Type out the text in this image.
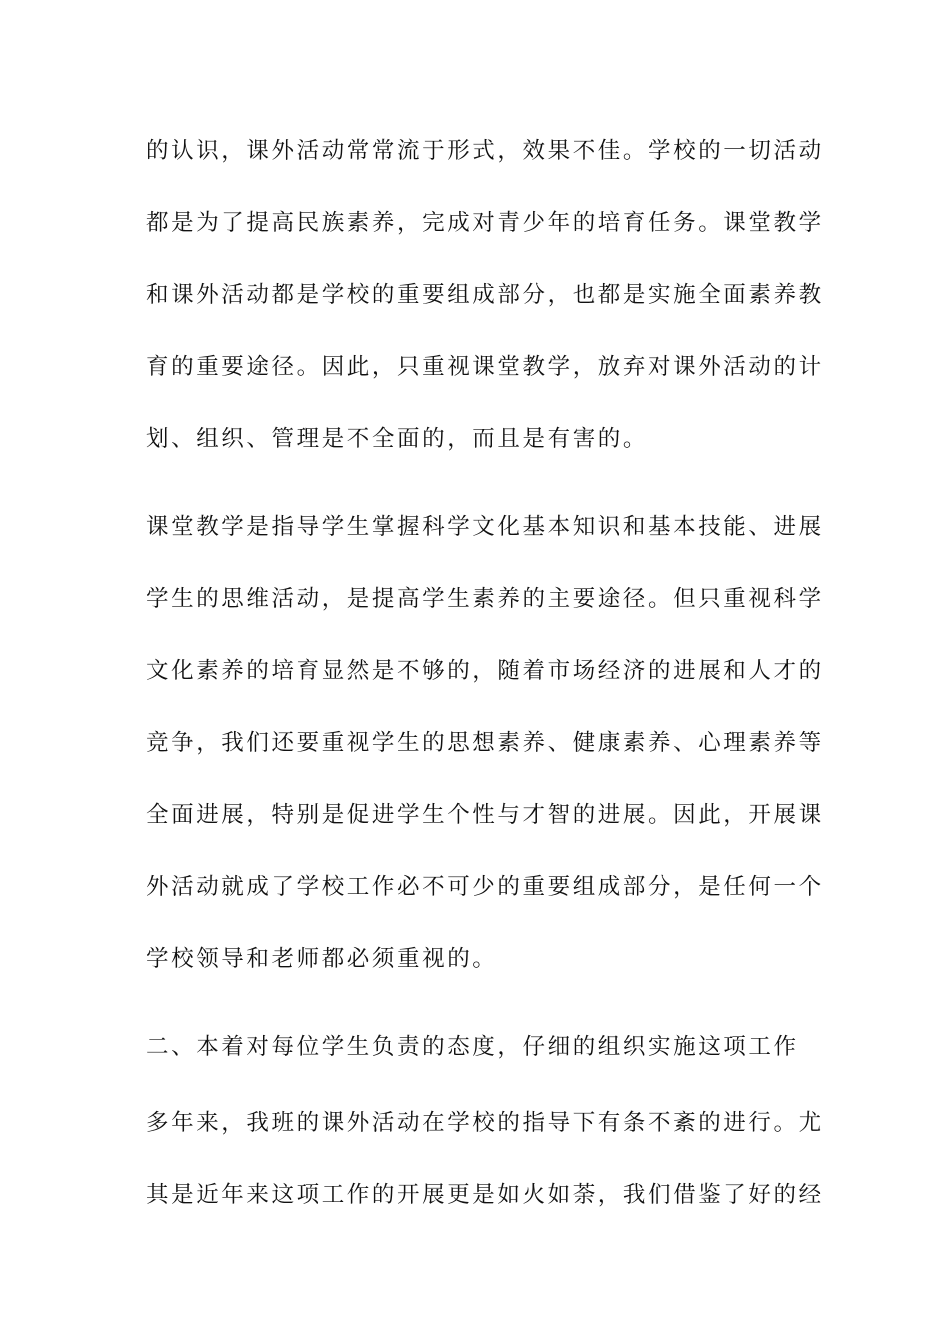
的认识，课外活动常常流于形式，效果不佳。学校的一切活动
都是为了提高民族素养，完成对青少年的培育任务。课堂教学
和课外活动都是学校的重要组成部分，也都是实施全面素养教
育的重要途径。因此，只重视课堂教学，放弃对课外活动的计
划、组织、管理是不全面的，而且是有害的。
课堂教学是指导学生掌握科学文化基本知识和基本技能、进展
学生的思维活动，是提高学生素养的主要途径。但只重视科学
文化素养的培育显然是不够的，随着市场经济的进展和人才的
竞争，我们还要重视学生的思想素养、健康素养、心理素养等
全面进展，特别是促进学生个性与才智的进展。因此，开展课
外活动就成了学校工作必不可少的重要组成部分，是任何一个
学校领导和老师都必须重视的。
二、本着对每位学生负责的态度，仔细的组织实施这项工作
多年来，我班的课外活动在学校的指导下有条不紊的进行。尤
其是近年来这项工作的开展更是如火如荼，我们借鉴了好的经
